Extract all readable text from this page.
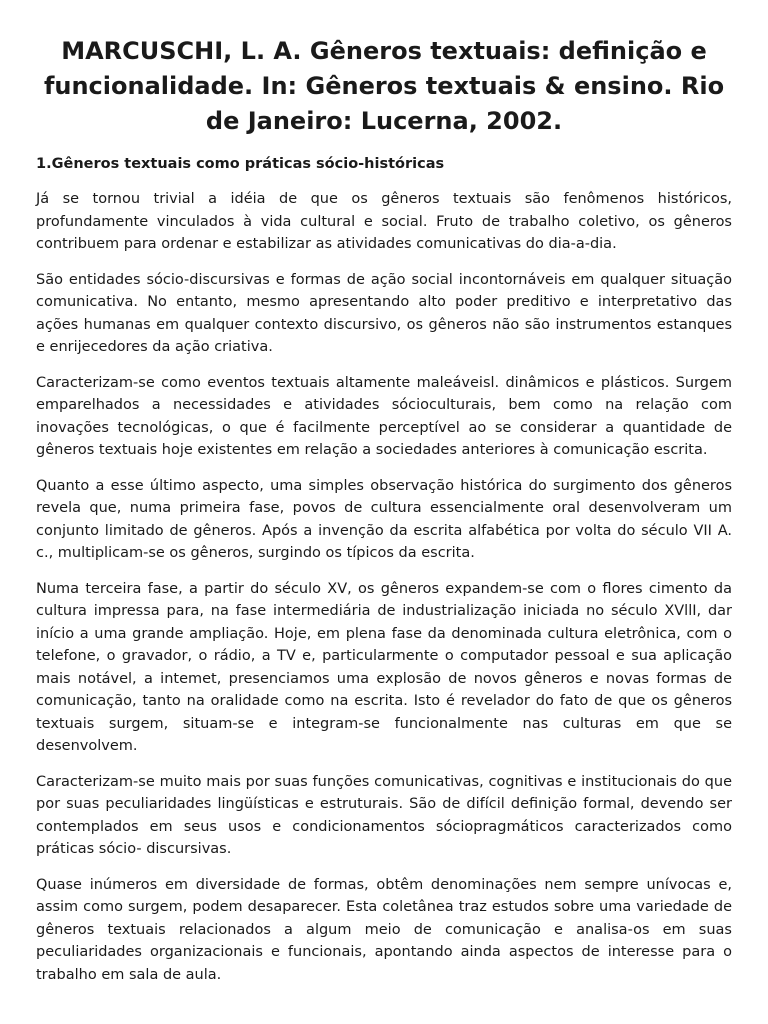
MARCUSCHI, L. A. Gêneros textuais: definição e funcionalidade. In: Gêneros textuais & ensino. Rio de Janeiro: Lucerna, 2002.
1.Gêneros textuais como práticas sócio-históricas

Já se tornou trivial a idéia de que os gêneros textuais são fenômenos históricos, profundamente vinculados à vida cultural e social. Fruto de trabalho coletivo, os gêneros contribuem para ordenar e estabilizar as atividades comunicativas do dia-a-dia.

São entidades sócio-discursivas e formas de ação social incontornáveis em qualquer situação comunicativa. No entanto, mesmo apresentando alto poder preditivo e interpretativo das ações humanas em qualquer contexto discursivo, os gêneros não são instrumentos estanques e enrijecedores da ação criativa.

Caracterizam-se como eventos textuais altamente maleáveisl. dinâmicos e plásticos. Surgem emparelhados a necessidades e atividades sócioculturais, bem como na relação com inovações tecnológicas, o que é facilmente perceptível ao se considerar a quantidade de gêneros textuais hoje existentes em relação a sociedades anteriores à comunicação escrita.

Quanto a esse último aspecto, uma simples observação histórica do surgimento dos gêneros revela que, numa primeira fase, povos de cultura essencialmente oral desenvolveram um conjunto limitado de gêneros. Após a invenção da escrita alfabética por volta do século VII A. c., multiplicam-se os gêneros, surgindo os típicos da escrita.

Numa terceira fase, a partir do século XV, os gêneros expandem-se com o flores cimento da cultura impressa para, na fase intermediária de industrialização iniciada no século XVllI, dar início a uma grande ampliação. Hoje, em plena fase da denominada cultura eletrônica, com o telefone, o gravador, o rádio, a TV e, particularmente o computador pessoal e sua aplicação mais notável, a intemet, presenciamos uma explosão de novos gêneros e novas formas de comunicação, tanto na oralidade como na escrita. Isto é revelador do fato de que os gêneros textuais surgem, situam-se e integram-se funcionalmente nas culturas em que se desenvolvem.

Caracterizam-se muito mais por suas funções comunicativas, cognitivas e institucionais do que por suas peculiaridades lingüísticas e estruturais. São de difícil definição formal, devendo ser contemplados em seus usos e condicionamentos sóciopragmáticos caracterizados como práticas sócio- discursivas.

Quase inúmeros em diversidade de formas, obtêm denominações nem sempre unívocas e, assim como surgem, podem desaparecer. Esta coletânea traz estudos sobre uma variedade de gêneros textuais relacionados a algum meio de comunicação e analisa-os em suas peculiaridades organizacionais e funcionais, apontando ainda aspectos de interesse para o trabalho em sala de aula.
